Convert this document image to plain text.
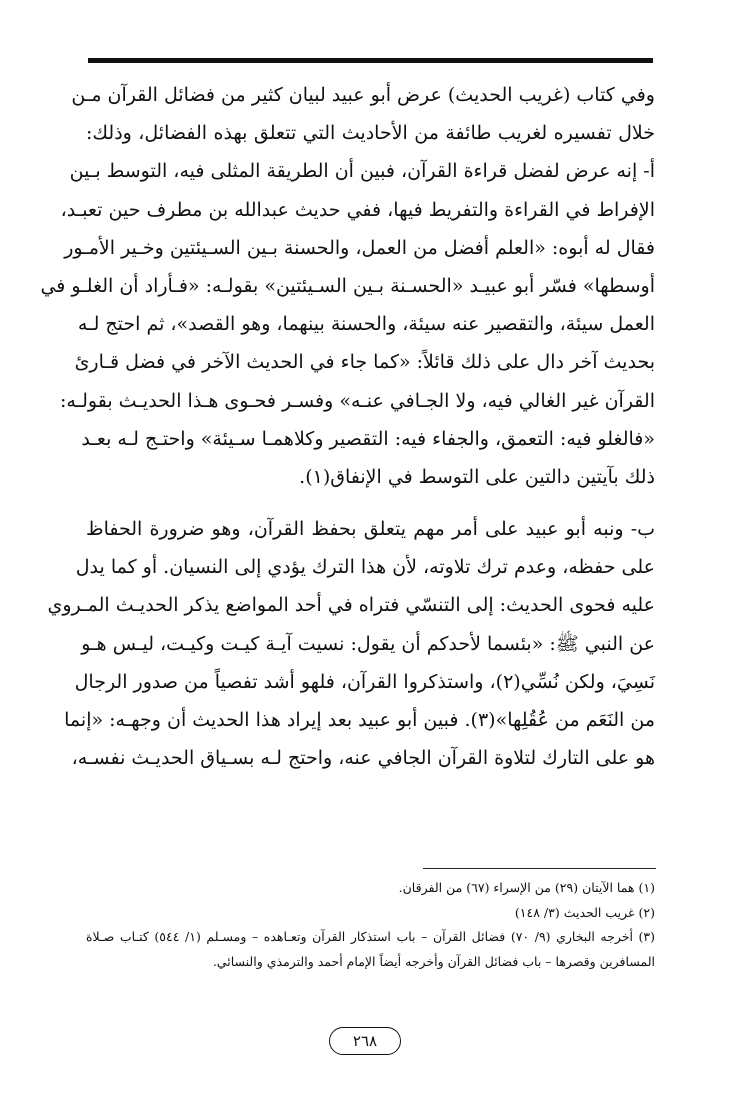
وفي كتاب (غريب الحديث) عرض أبو عبيد لبيان كثير من فضائل القرآن مـن
خلال تفسيره لغريب طائفة من الأحاديث التي تتعلق بهذه الفضائل، وذلك:
أ- إنه عرض لفضل قراءة القرآن، فبين أن الطريقة المثلى فيه، التوسط بـين
الإفراط في القراءة والتفريط فيها، ففي حديث عبدالله بن مطرف حين تعبـد،
فقال له أبوه: «العلم أفضل من العمل، والحسنة بـين السـيئتين وخـير الأمـور
أوسطها» فسّر أبو عبيـد «الحسـنة بـين السـيئتين» بقولـه: «فـأراد أن الغلـو في
العمل سيئة، والتقصير عنه سيئة، والحسنة بينهما، وهو القصد»، ثم احتج لـه
بحديث آخر دال على ذلك قائلاً: «كما جاء في الحديث الآخر في فضل قـارئ
القرآن غير الغالي فيه، ولا الجـافي عنـه» وفسـر فحـوى هـذا الحديـث بقولـه:
«فالغلو فيه: التعمق، والجفاء فيه: التقصير وكلاهمـا سـيئة» واحتـج لـه بعـد
ذلك بآيتين دالتين على التوسط في الإنفاق(١).
ب- ونبه أبو عبيد على أمر مهم يتعلق بحفظ القرآن، وهو ضرورة الحفاظ
على حفظه، وعدم ترك تلاوته، لأن هذا الترك يؤدي إلى النسيان. أو كما يدل
عليه فحوى الحديث: إلى التنسّي فتراه في أحد المواضع يذكر الحديـث المـروي
عن النبي ﷺ: «بئسما لأحدكم أن يقول: نسيت آيـة كيـت وكيـت، ليـس هـو
نَسِيَ، ولكن نُسِّي(٢)، واستذكروا القرآن، فلهو أشد تفصياً من صدور الرجال
من النَعَم من عُقُلِها»(٣). فبين أبو عبيد بعد إيراد هذا الحديث أن وجهـه: «إنما
هو على التارك لتلاوة القرآن الجافي عنه، واحتج لـه بسـياق الحديـث نفسـه،
(١) هما الآيتان (٢٩) من الإسراء (٦٧) من الفرقان.
(٢) غريب الحديث (٣/ ١٤٨)
(٣) أخرجه البخاري (٩/ ٧٠) فضائل القرآن – باب استذكار القرآن وتعـاهده – ومسـلم (١/ ٥٤٤) كتـاب صـلاة
المسافرين وقصرها – باب فضائل القرآن وأخرجه أيضاً الإمام أحمد والترمذي والنسائي.
٢٦٨
